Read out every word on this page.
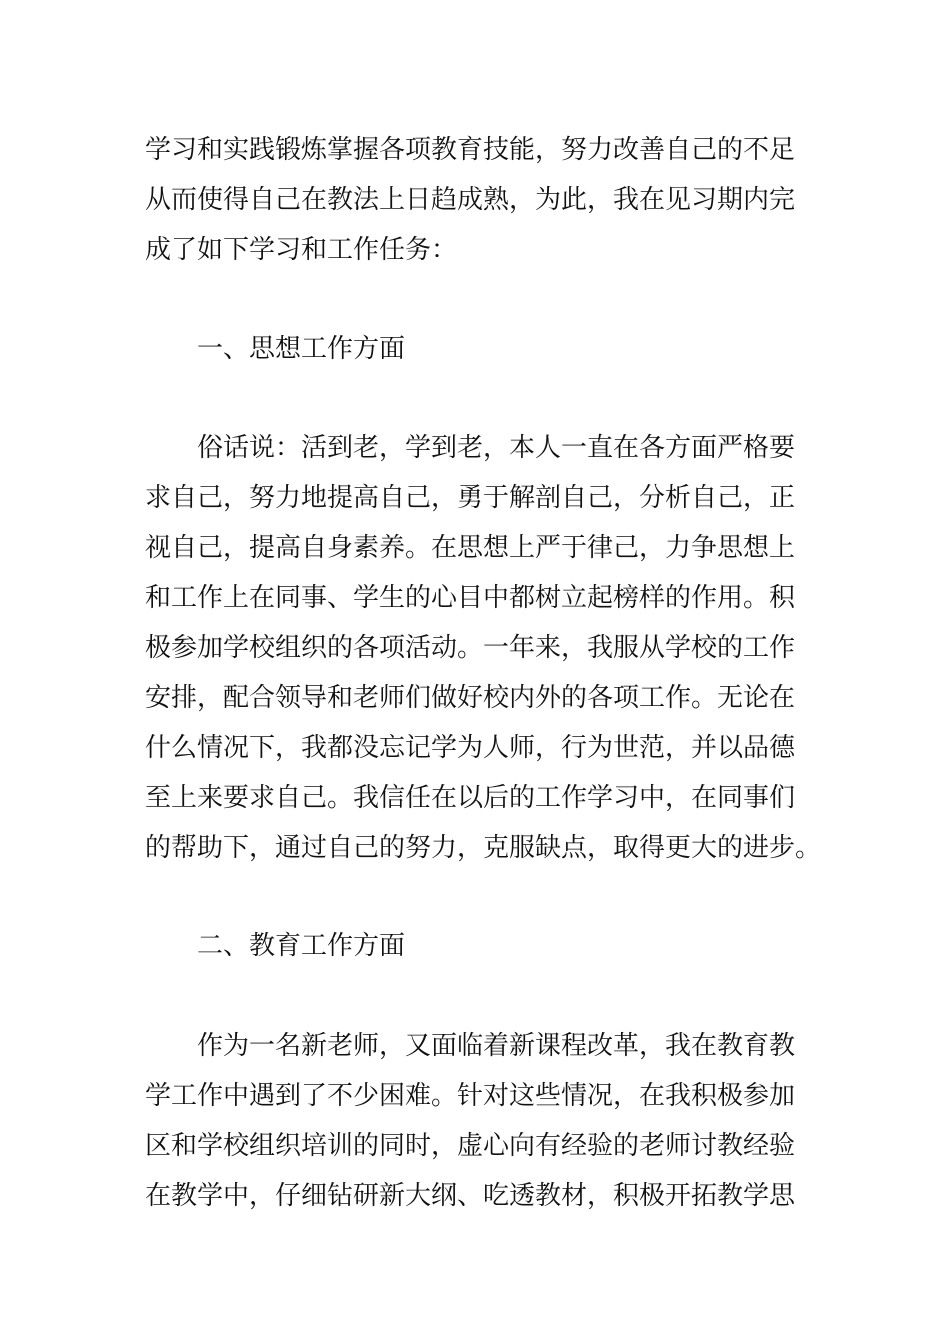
学习和实践锻炼掌握各项教育技能，努力改善自己的不足
从而使得自己在教法上日趋成熟，为此，我在见习期内完
成了如下学习和工作任务：
一、思想工作方面
俗话说：活到老，学到老，本人一直在各方面严格要
求自己，努力地提高自己，勇于解剖自己，分析自己，正
视自己，提高自身素养。在思想上严于律己，力争思想上
和工作上在同事、学生的心目中都树立起榜样的作用。积
极参加学校组织的各项活动。一年来，我服从学校的工作
安排，配合领导和老师们做好校内外的各项工作。无论在
什么情况下，我都没忘记学为人师，行为世范，并以品德
至上来要求自己。我信任在以后的工作学习中，在同事们
的帮助下，通过自己的努力，克服缺点，取得更大的进步。
二、教育工作方面
作为一名新老师，又面临着新课程改革，我在教育教
学工作中遇到了不少困难。针对这些情况，在我积极参加
区和学校组织培训的同时，虚心向有经验的老师讨教经验
在教学中，仔细钻研新大纲、吃透教材，积极开拓教学思
